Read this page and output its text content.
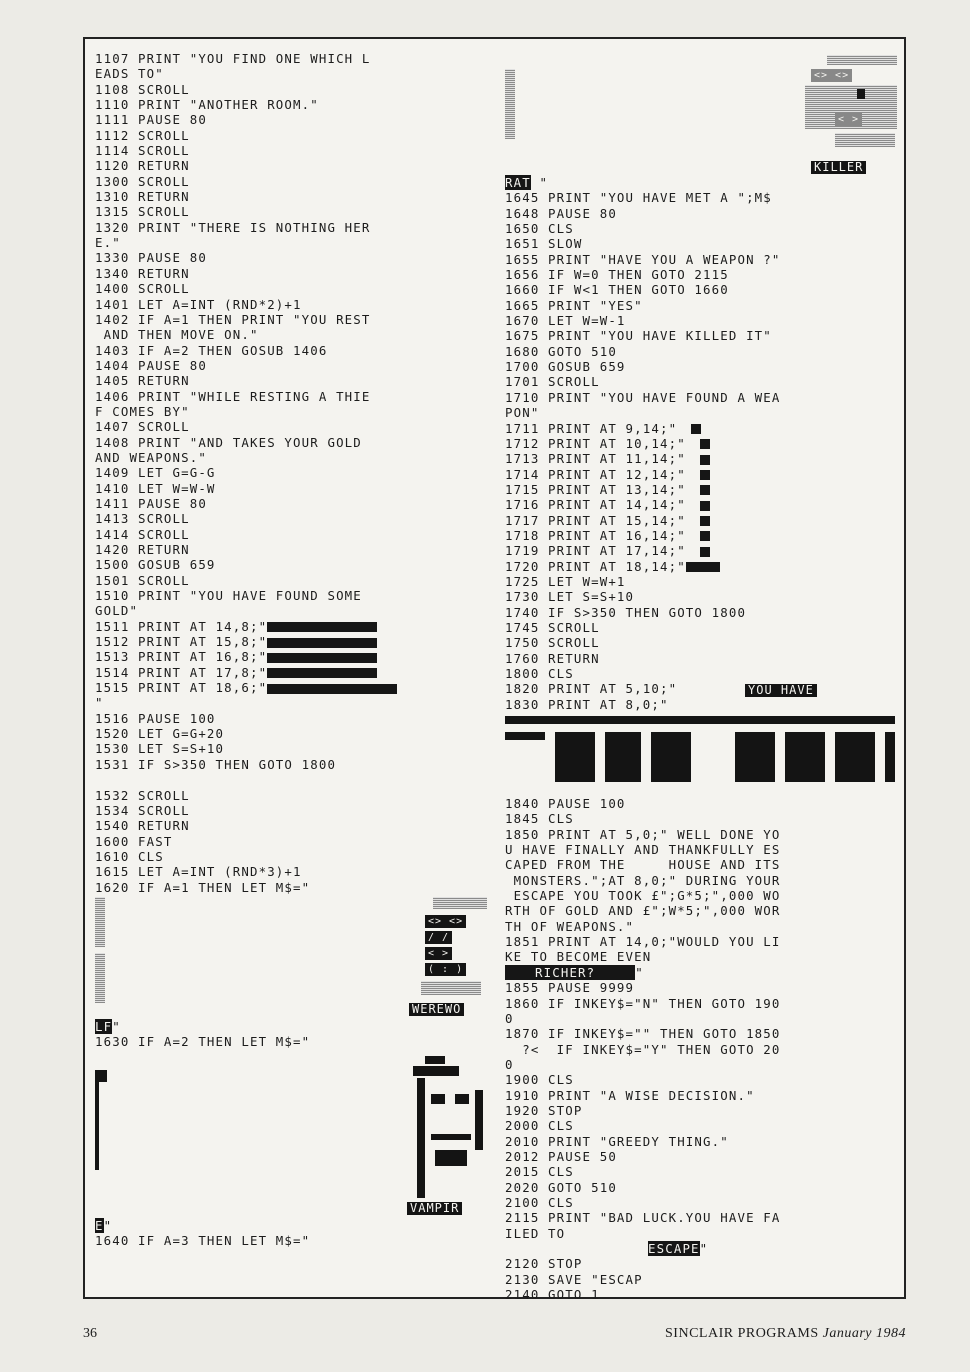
1107 PRINT "YOU FIND ONE WHICH L
EADS TO"
1108 SCROLL
1110 PRINT "ANOTHER ROOM."
1111 PAUSE 80
1112 SCROLL
1114 SCROLL
1120 RETURN
1300 SCROLL
1310 RETURN
1315 SCROLL
1320 PRINT "THERE IS NOTHING HER
E."
1330 PAUSE 80
1340 RETURN
1400 SCROLL
1401 LET A=INT (RND*2)+1
1402 IF A=1 THEN PRINT "YOU REST
AND THEN MOVE ON."
1403 IF A=2 THEN GOSUB 1406
1404 PAUSE 80
1405 RETURN
1406 PRINT "WHILE RESTING A THIE
F COMES BY"
1407 SCROLL
1408 PRINT "AND TAKES YOUR GOLD
AND WEAPONS."
1409 LET G=G-G
1410 LET W=W-W
1411 PAUSE 80
1413 SCROLL
1414 SCROLL
1420 RETURN
1500 GOSUB 659
1501 SCROLL
1510 PRINT "YOU HAVE FOUND SOME
GOLD"
1511 PRINT AT 14,8;"
1512 PRINT AT 15,8;"
1513 PRINT AT 16,8;"
1514 PRINT AT 17,8;"
1515 PRINT AT 18,6;"
"
1516 PAUSE 100
1520 LET G=G+20
1530 LET S=S+10
1531 IF S>350 THEN GOTO 1800
1532 SCROLL
1534 SCROLL
1540 RETURN
1600 FAST
1610 CLS
1615 LET A=INT (RND*3)+1
1620 IF A=1 THEN LET M$="
<> <>
/ /
< >
( : )
WEREWO
LF"
1630 IF A=2 THEN LET M$="
VAMPIR
E"
1640 IF A=3 THEN LET M$="
<> <>
< >
KILLER
RAT "
1645 PRINT "YOU HAVE MET A ";M$
1648 PAUSE 80
1650 CLS
1651 SLOW
1655 PRINT "HAVE YOU A WEAPON ?"
1656 IF W=0 THEN GOTO 2115
1660 IF W<1 THEN GOTO 1660
1665 PRINT "YES"
1670 LET W=W-1
1675 PRINT "YOU HAVE KILLED IT"
1680 GOTO 510
1700 GOSUB 659
1701 SCROLL
1710 PRINT "YOU HAVE FOUND A WEA
PON"
1711 PRINT AT 9,14;"
1712 PRINT AT 10,14;"
1713 PRINT AT 11,14;"
1714 PRINT AT 12,14;"
1715 PRINT AT 13,14;"
1716 PRINT AT 14,14;"
1717 PRINT AT 15,14;"
1718 PRINT AT 16,14;"
1719 PRINT AT 17,14;"
1720 PRINT AT 18,14;"
1725 LET W=W+1
1730 LET S=S+10
1740 IF S>350 THEN GOTO 1800
1745 SCROLL
1750 SCROLL
1760 RETURN
1800 CLS
1820 PRINT AT 5,10;"
1830 PRINT AT 8,0;"
YOU HAVE
1840 PAUSE 100
1845 CLS
1850 PRINT AT 5,0;" WELL DONE YO
U HAVE FINALLY AND THANKFULLY ES
CAPED FROM THE     HOUSE AND ITS
MONSTERS.";AT 8,0;" DURING YOUR
ESCAPE YOU TOOK £";G*5;",000 WO
RTH OF GOLD AND £";W*5;",000 WOR
TH OF WEAPONS."
1851 PRINT AT 14,0;"WOULD YOU LI
KE TO BECOME EVEN
RICHER?	"
1855 PAUSE 9999
1860 IF INKEY$="N" THEN GOTO 190
0
1870 IF INKEY$="" THEN GOTO 1850
?<  IF INKEY$="Y" THEN GOTO 20
0
1900 CLS
1910 PRINT "A WISE DECISION."
1920 STOP
2000 CLS
2010 PRINT "GREEDY THING."
2012 PAUSE 50
2015 CLS
2020 GOTO 510
2100 CLS
2115 PRINT "BAD LUCK.YOU HAVE FA
ILED TO
ESCAPE"
2120 STOP
2130 SAVE "ESCAP
2140 GOTO 1
36	SINCLAIR PROGRAMS January 1984
